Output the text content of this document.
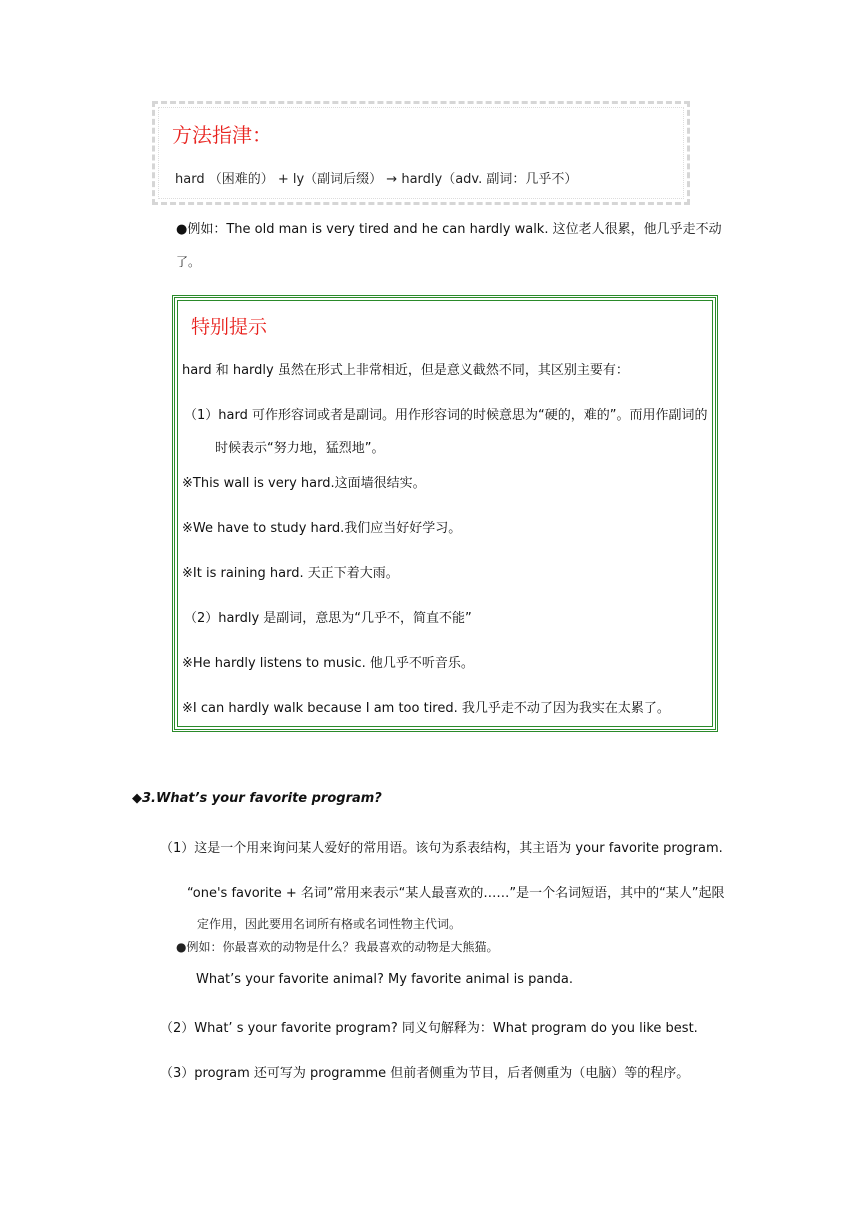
方法指津：
hard （困难的） + ly（副词后缀） → hardly（adv. 副词：几乎不）
●例如：The old man is very tired and he can hardly walk. 这位老人很累，他几乎走不动
了。
特别提示
hard 和 hardly 虽然在形式上非常相近，但是意义截然不同，其区别主要有：
（1）hard 可作形容词或者是副词。用作形容词的时候意思为“硬的，难的”。而用作副词的
时候表示“努力地，猛烈地”。
※This wall is very hard.这面墙很结实。
※We have to study hard.我们应当好好学习。
※It is raining hard. 天正下着大雨。
（2）hardly 是副词，意思为“几乎不，简直不能”
※He hardly listens to music. 他几乎不听音乐。
※I can hardly walk because I am too tired. 我几乎走不动了因为我实在太累了。
◆3.What’s your favorite program?
（1）这是一个用来询问某人爱好的常用语。该句为系表结构，其主语为 your favorite program.
“one's favorite + 名词”常用来表示“某人最喜欢的……”是一个名词短语，其中的“某人”起限
定作用，因此要用名词所有格或名词性物主代词。
●例如：你最喜欢的动物是什么？我最喜欢的动物是大熊猫。
What’s your favorite animal? My favorite animal is panda.
（2）What’ s your favorite program? 同义句解释为：What program do you like best.
（3）program 还可写为 programme 但前者侧重为节目，后者侧重为（电脑）等的程序。
